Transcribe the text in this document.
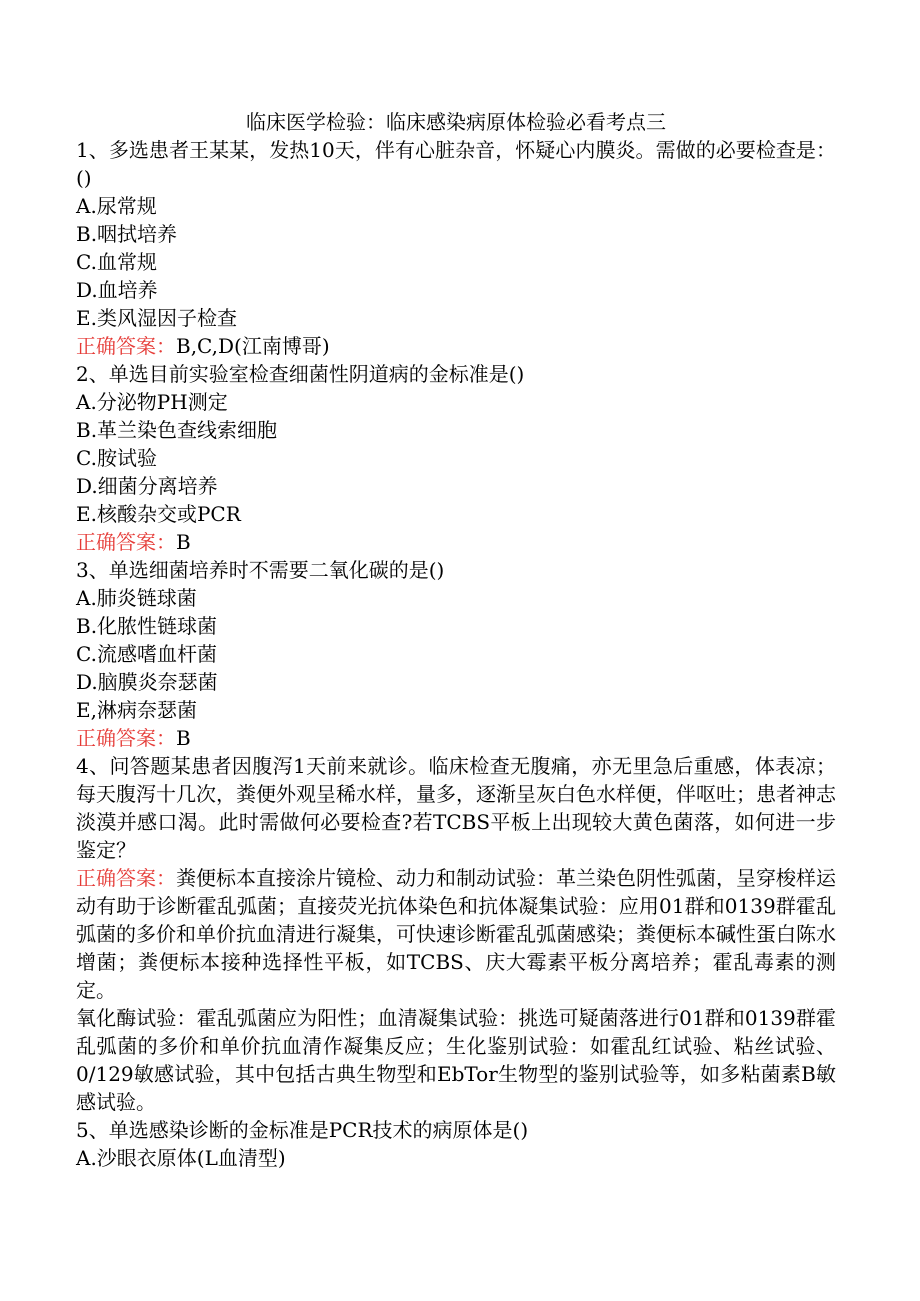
临床医学检验：临床感染病原体检验必看考点三

1、多选患者王某某，发热10天，伴有心脏杂音，怀疑心内膜炎。需做的必要检查是：()

A.尿常规

B.咽拭培养

C.血常规

D.血培养

E.类风湿因子检查

正确答案：B,C,D(江南博哥)

2、单选目前实验室检查细菌性阴道病的金标准是()

A.分泌物PH测定

B.革兰染色查线索细胞

C.胺试验

D.细菌分离培养

E.核酸杂交或PCR

正确答案：B

3、单选细菌培养时不需要二氧化碳的是()

A.肺炎链球菌

B.化脓性链球菌

C.流感嗜血杆菌

D.脑膜炎奈瑟菌

E,淋病奈瑟菌

正确答案：B

4、问答题某患者因腹泻1天前来就诊。临床检查无腹痛，亦无里急后重感，体表凉；每天腹泻十几次，粪便外观呈稀水样，量多，逐渐呈灰白色水样便，伴呕吐；患者神志淡漠并感口渴。此时需做何必要检查?若TCBS平板上出现较大黄色菌落，如何进一步鉴定？

正确答案：粪便标本直接涂片镜检、动力和制动试验：革兰染色阴性弧菌，呈穿梭样运动有助于诊断霍乱弧菌；直接荧光抗体染色和抗体凝集试验：应用01群和0139群霍乱弧菌的多价和单价抗血清进行凝集，可快速诊断霍乱弧菌感染；粪便标本碱性蛋白陈水增菌；粪便标本接种选择性平板，如TCBS、庆大霉素平板分离培养；霍乱毒素的测定。

氧化酶试验：霍乱弧菌应为阳性；血清凝集试验：挑选可疑菌落进行01群和0139群霍乱弧菌的多价和单价抗血清作凝集反应；生化鉴别试验：如霍乱红试验、粘丝试验、0/129敏感试验，其中包括古典生物型和EbTor生物型的鉴别试验等，如多粘菌素B敏感试验。

5、单选感染诊断的金标准是PCR技术的病原体是()

A.沙眼衣原体(L血清型)
